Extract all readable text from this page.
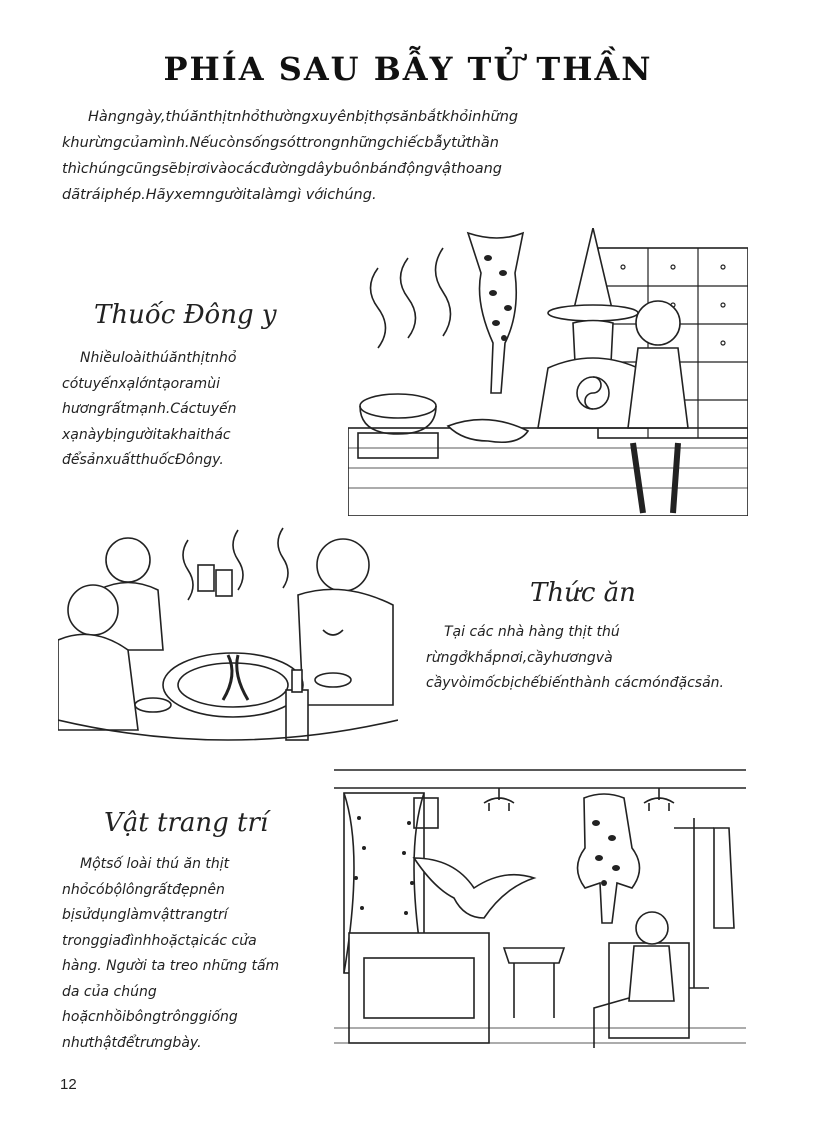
PHÍA SAU BẪY TỬ THẦN

Hàngngày,thúănthịtnhỏthườngxuyênbịthợsănbắtkhỏinhững khurừngcủamình.Nếucònsốngsóttrongnhữngchiếcbẫytửthần thìchúngcũngsẽbịrơivàocácđườngdâybuônbánđộngvậthoang dãtráiphép.Hãyxemngườitalàmgì vớichúng.

Thuốc Đông y

Nhiềuloàithúănthịtnhỏ cótuyếnxạlớntạoramùi hươngrấtmạnh.Cáctuyến xạnàybịngườitakhaithác đểsảnxuấtthuốcĐôngy.

Thức ăn

Tại các nhà hàng thịt thú rừngởkhắpnơi,cầyhươngvà cầyvòimốcbịchếbiếnthành cácmónđặcsản.

Vật trang trí

Mộtsố loài thú ăn thịt nhỏcóbộlôngrấtđẹpnên bịsửdụnglàmvậttrangtrí tronggiađìnhhoặctạicác cửa hàng. Người ta treo những tấm da của chúng hoặcnhồibôngtrônggiống nhưthậtđểtrưngbày.

12
